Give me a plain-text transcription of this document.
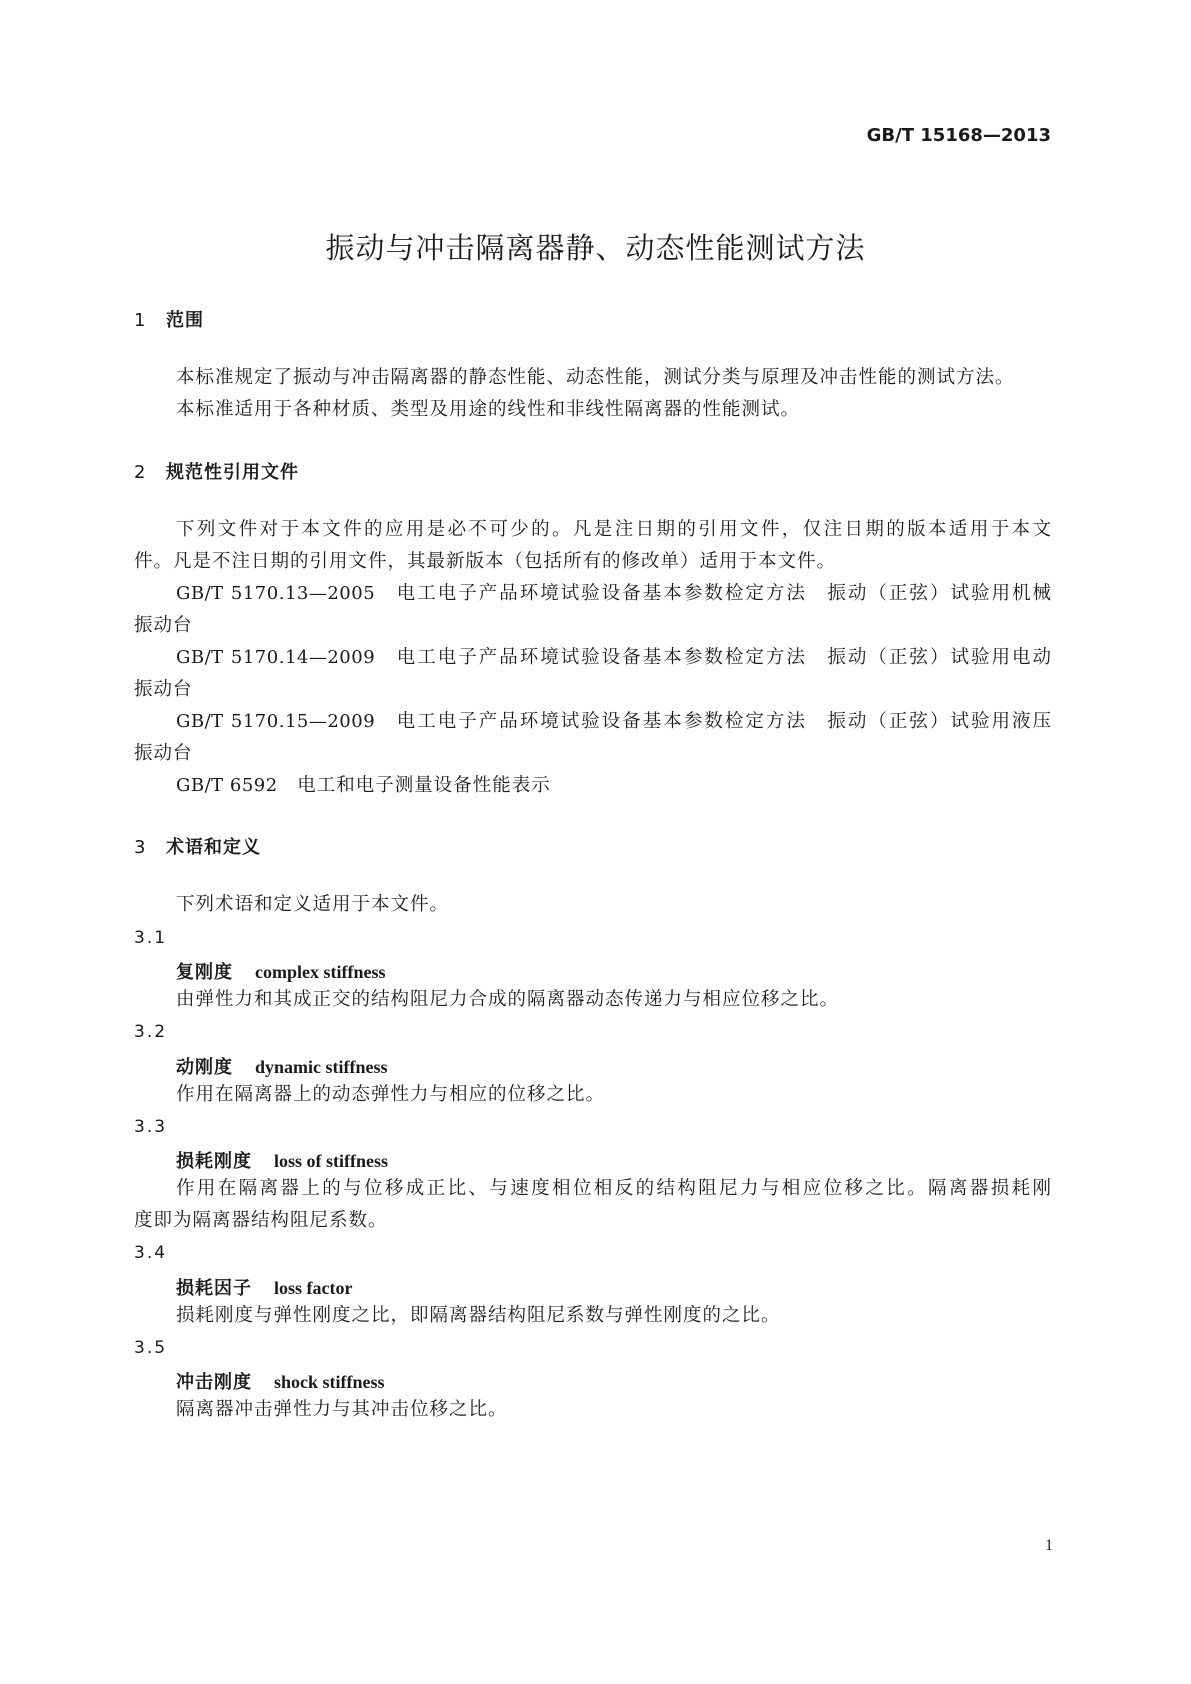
GB/T 15168—2013
振动与冲击隔离器静、动态性能测试方法
1 范围
本标准规定了振动与冲击隔离器的静态性能、动态性能，测试分类与原理及冲击性能的测试方法。
本标准适用于各种材质、类型及用途的线性和非线性隔离器的性能测试。
2 规范性引用文件
下列文件对于本文件的应用是必不可少的。凡是注日期的引用文件，仅注日期的版本适用于本文
件。凡是不注日期的引用文件，其最新版本（包括所有的修改单）适用于本文件。
GB/T 5170.13—2005　 电工电子产品环境试验设备基本参数检定方法　振动（正弦）试验用机械
振动台
GB/T 5170.14—2009　 电工电子产品环境试验设备基本参数检定方法　振动（正弦）试验用电动
振动台
GB/T 5170.15—2009　 电工电子产品环境试验设备基本参数检定方法　振动（正弦）试验用液压
振动台
GB/T 6592　 电工和电子测量设备性能表示
3 术语和定义
下列术语和定义适用于本文件。
3.1
复刚度 complex stiffness
由弹性力和其成正交的结构阻尼力合成的隔离器动态传递力与相应位移之比。
3.2
动刚度 dynamic stiffness
作用在隔离器上的动态弹性力与相应的位移之比。
3.3
损耗刚度 loss of stiffness
作用在隔离器上的与位移成正比、与速度相位相反的结构阻尼力与相应位移之比。隔离器损耗刚
度即为隔离器结构阻尼系数。
3.4
损耗因子 loss factor
损耗刚度与弹性刚度之比，即隔离器结构阻尼系数与弹性刚度的之比。
3.5
冲击刚度 shock stiffness
隔离器冲击弹性力与其冲击位移之比。
1
